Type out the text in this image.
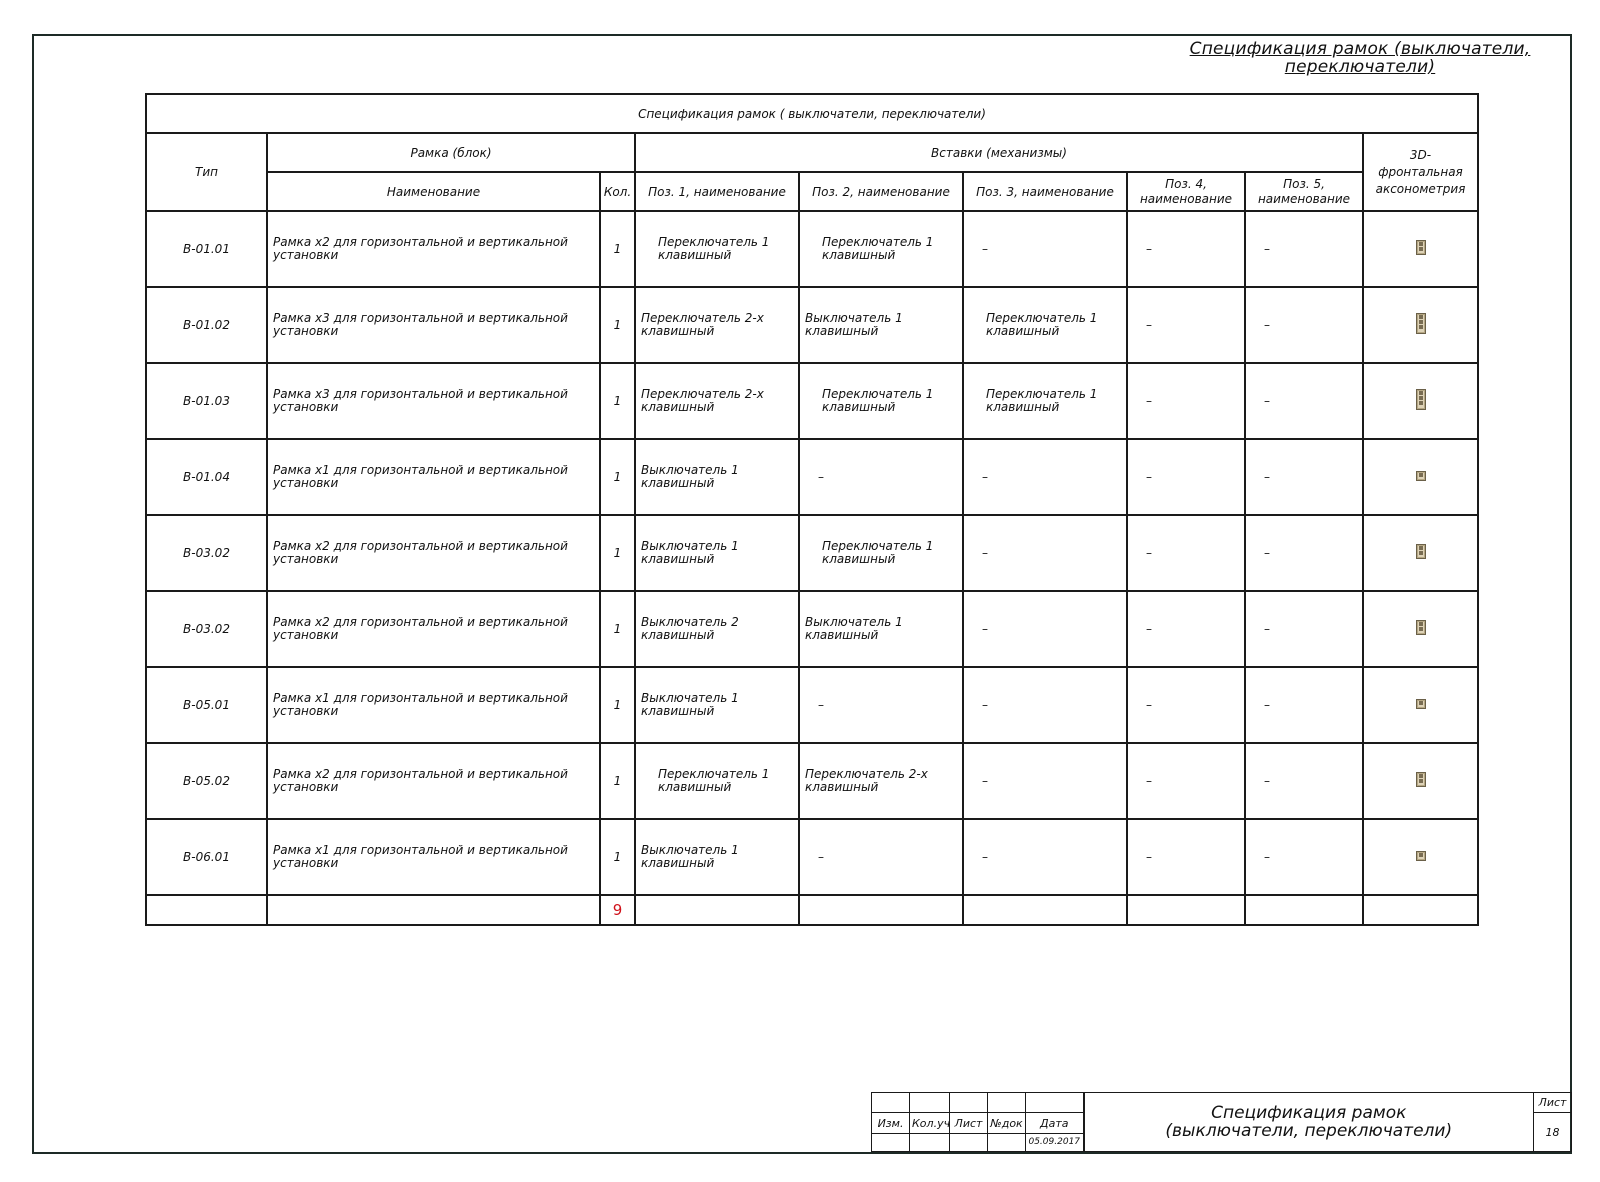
Спецификация рамок (выключатели,
переключатели)
Спецификация рамок ( выключатели, переключатели)								
Тип	Рамка (блок)		Вставки (механизмы)					3D-фронтальная аксонометрия
	Наименование	Кол.	Поз. 1, наименование	Поз. 2, наименование	Поз. 3, наименование	Поз. 4, наименование	Поз. 5, наименование	
В-01.01	Рамка х2 для горизонтальной и вертикальной установки	1	Переключатель 1 клавишный	Переключатель 1 клавишный	–	–	–	

В-01.02	Рамка х3 для горизонтальной и вертикальной установки	1	Переключатель 2-х клавишный	Выключатель 1 клавишный	Переключатель 1 клавишный	–	–	

В-01.03	Рамка х3 для горизонтальной и вертикальной установки	1	Переключатель 2-х клавишный	Переключатель 1 клавишный	Переключатель 1 клавишный	–	–	

В-01.04	Рамка х1 для горизонтальной и вертикальной установки	1	Выключатель 1 клавишный	–	–	–	–	

В-03.02	Рамка х2 для горизонтальной и вертикальной установки	1	Выключатель 1 клавишный	Переключатель 1 клавишный	–	–	–	

В-03.02	Рамка х2 для горизонтальной и вертикальной установки	1	Выключатель 2 клавишный	Выключатель 1 клавишный	–	–	–	

В-05.01	Рамка х1 для горизонтальной и вертикальной установки	1	Выключатель 1 клавишный	–	–	–	–	

В-05.02	Рамка х2 для горизонтальной и вертикальной установки	1	Переключатель 1 клавишный	Переключатель 2-х клавишный	–	–	–	

В-06.01	Рамка х1 для горизонтальной и вертикальной установки	1	Выключатель 1 клавишный	–	–	–	–	

		9						

					Спецификация рамок
(выключатели, переключатели)	Лист
Изм.	Кол.уч	Лист	№док	Дата		18
				05.09.2017		
